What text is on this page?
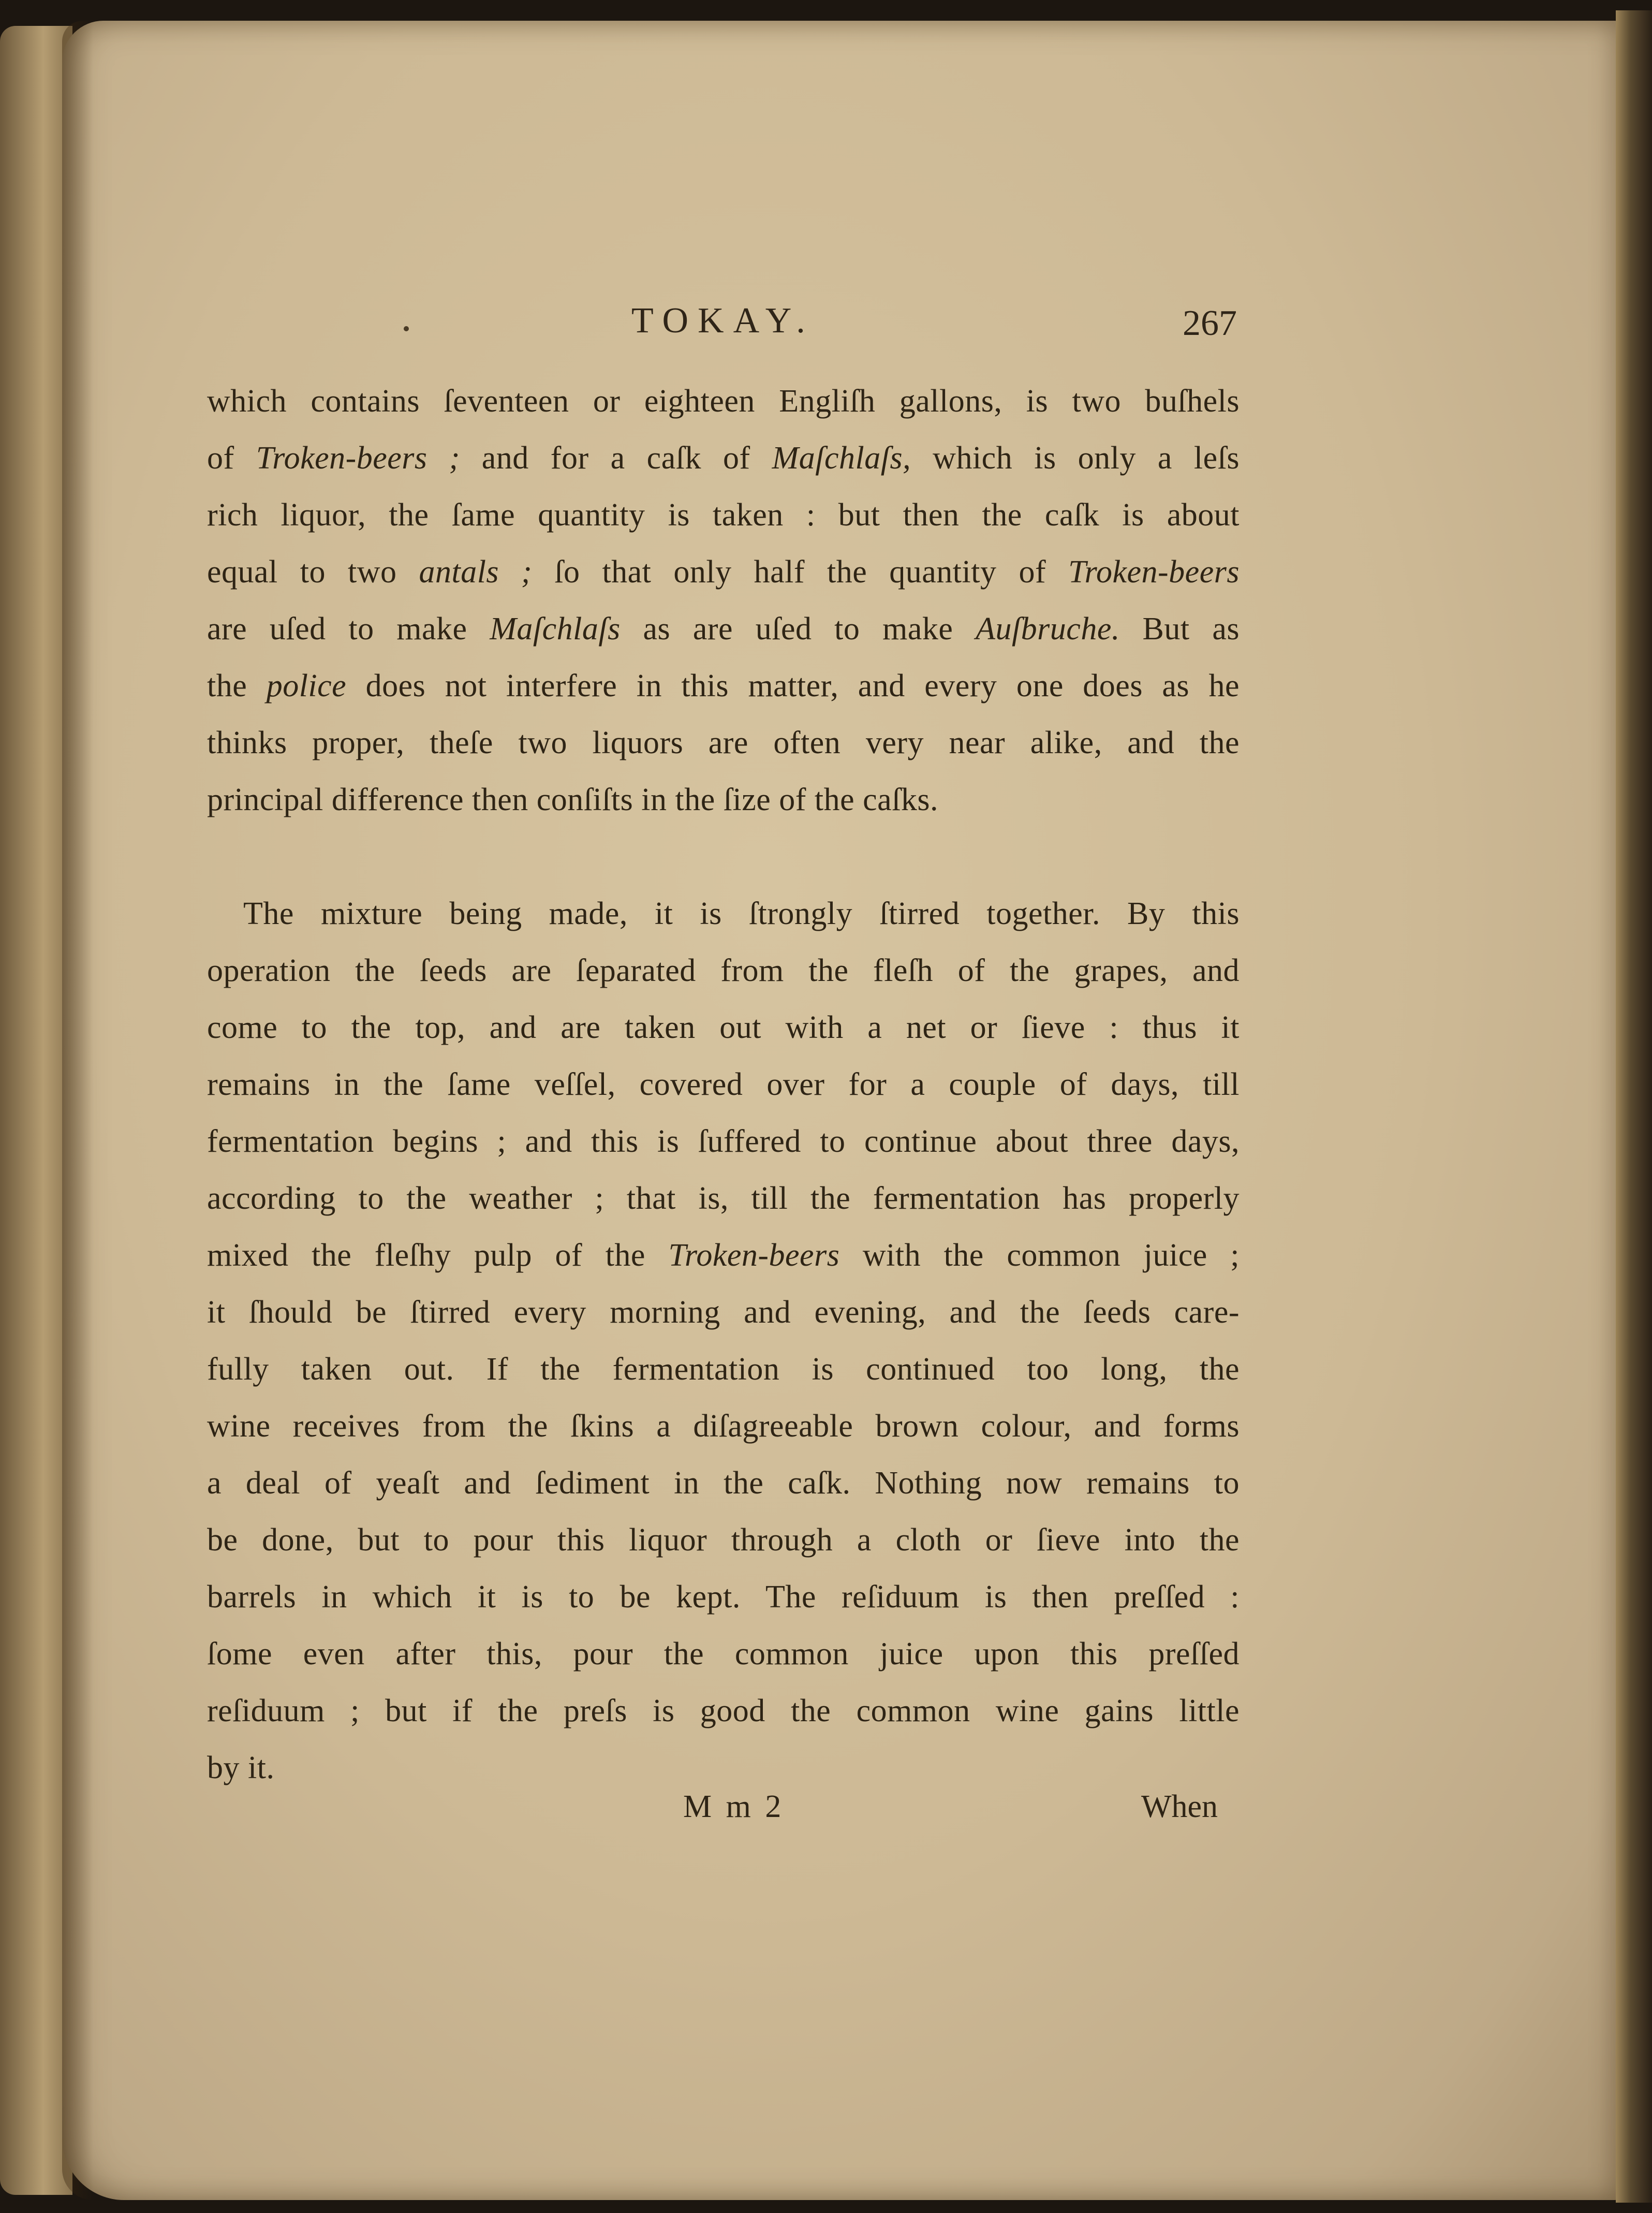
TOKAY.	267
which contains ſeventeen or eighteen Engliſh gallons, is two buſhels
of Troken-beers ; and for a caſk of Maſchlaſs, which is only a leſs
rich liquor, the ſame quantity is taken : but then the caſk is about
equal to two antals ; ſo that only half the quantity of Troken-beers
are uſed to make Maſchlaſs as are uſed to make Auſbruche. But as
the police does not interfere in this matter, and every one does as he
thinks proper, theſe two liquors are often very near alike, and the
principal difference then conſiſts in the ſize of the caſks.
The mixture being made, it is ſtrongly ſtirred together. By this
operation the ſeeds are ſeparated from the fleſh of the grapes, and
come to the top, and are taken out with a net or ſieve : thus it
remains in the ſame veſſel, covered over for a couple of days, till
fermentation begins ; and this is ſuffered to continue about three days,
according to the weather ; that is, till the fermentation has properly
mixed the fleſhy pulp of the Troken-beers with the common juice ;
it ſhould be ſtirred every morning and evening, and the ſeeds care-
fully taken out. If the fermentation is continued too long, the
wine receives from the ſkins a diſagreeable brown colour, and forms
a deal of yeaſt and ſediment in the caſk. Nothing now remains to
be done, but to pour this liquor through a cloth or ſieve into the
barrels in which it is to be kept. The reſiduum is then preſſed :
ſome even after this, pour the common juice upon this preſſed
reſiduum ; but if the preſs is good the common wine gains little
by it.
M m 2	When
